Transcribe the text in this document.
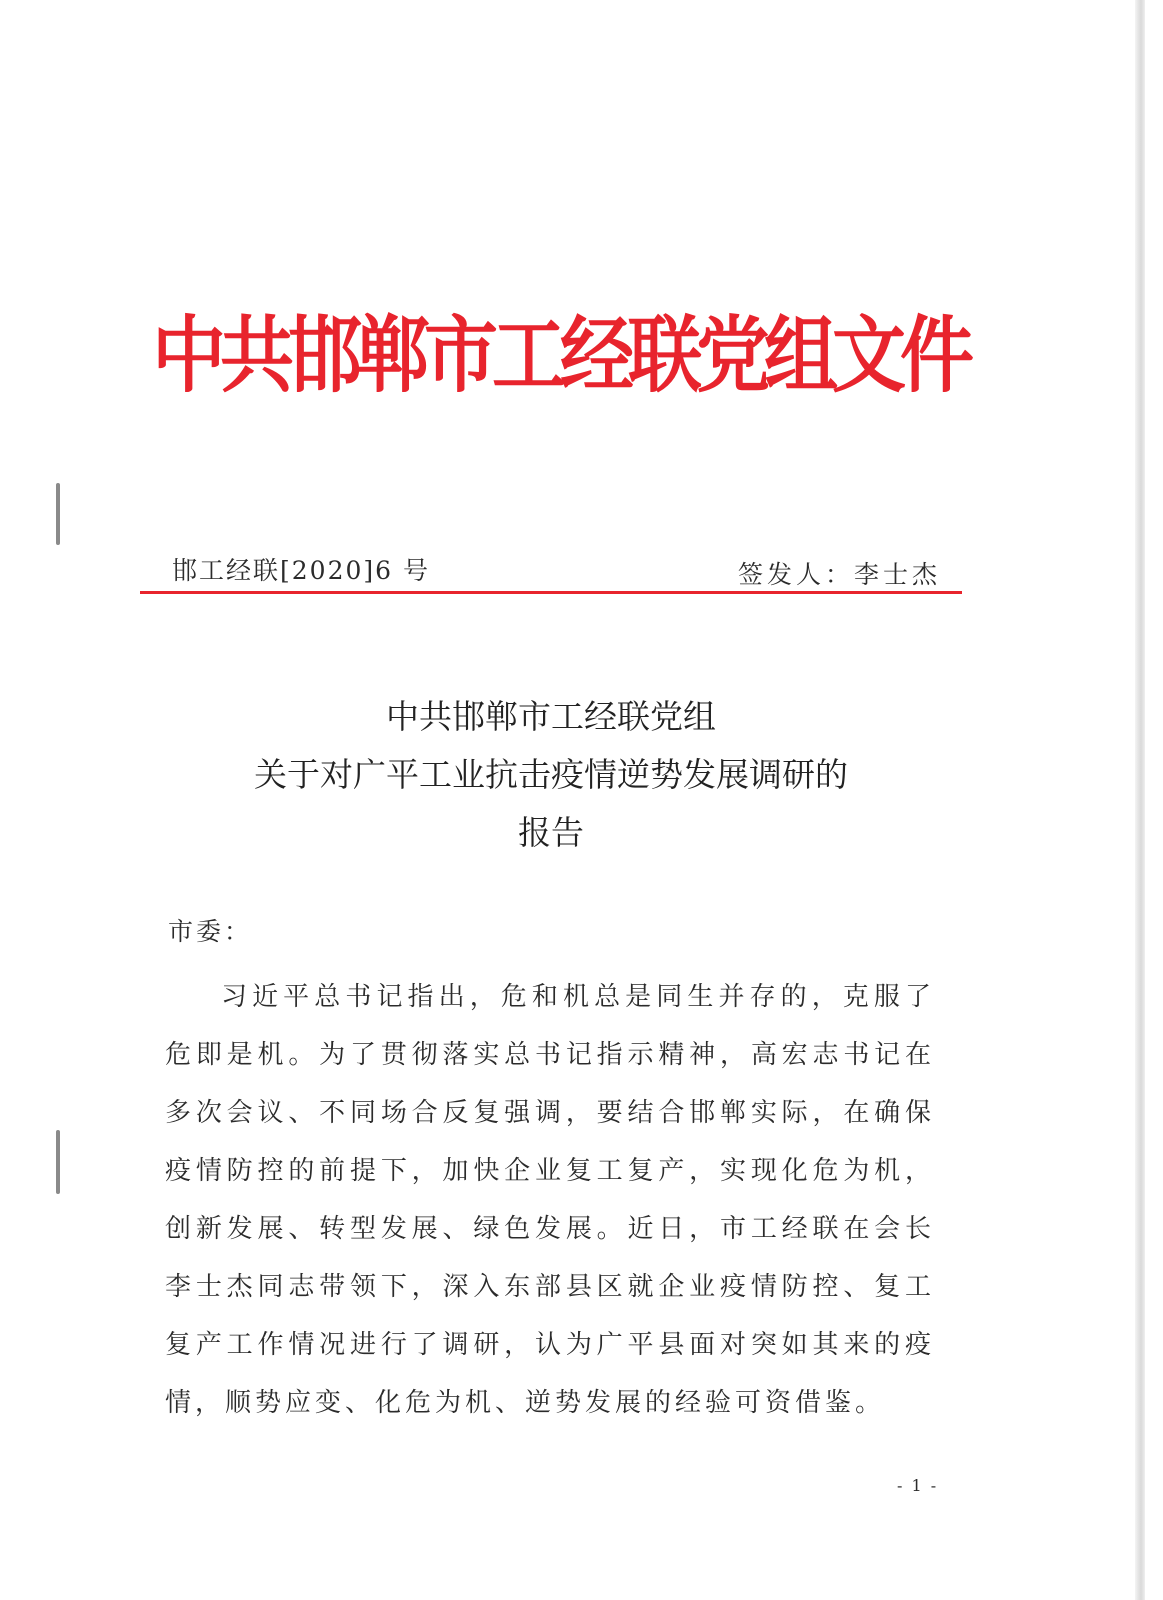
中共邯郸市工经联党组文件
邯工经联[2020]6 号	签发人：李士杰
中共邯郸市工经联党组
关于对广平工业抗击疫情逆势发展调研的
报告
市委：
习近平总书记指出，危和机总是同生并存的，克服了危即是机。为了贯彻落实总书记指示精神，高宏志书记在多次会议、不同场合反复强调，要结合邯郸实际，在确保疫情防控的前提下，加快企业复工复产，实现化危为机，创新发展、转型发展、绿色发展。近日，市工经联在会长李士杰同志带领下，深入东部县区就企业疫情防控、复工复产工作情况进行了调研，认为广平县面对突如其来的疫情，顺势应变、化危为机、逆势发展的经验可资借鉴。
- 1 -
